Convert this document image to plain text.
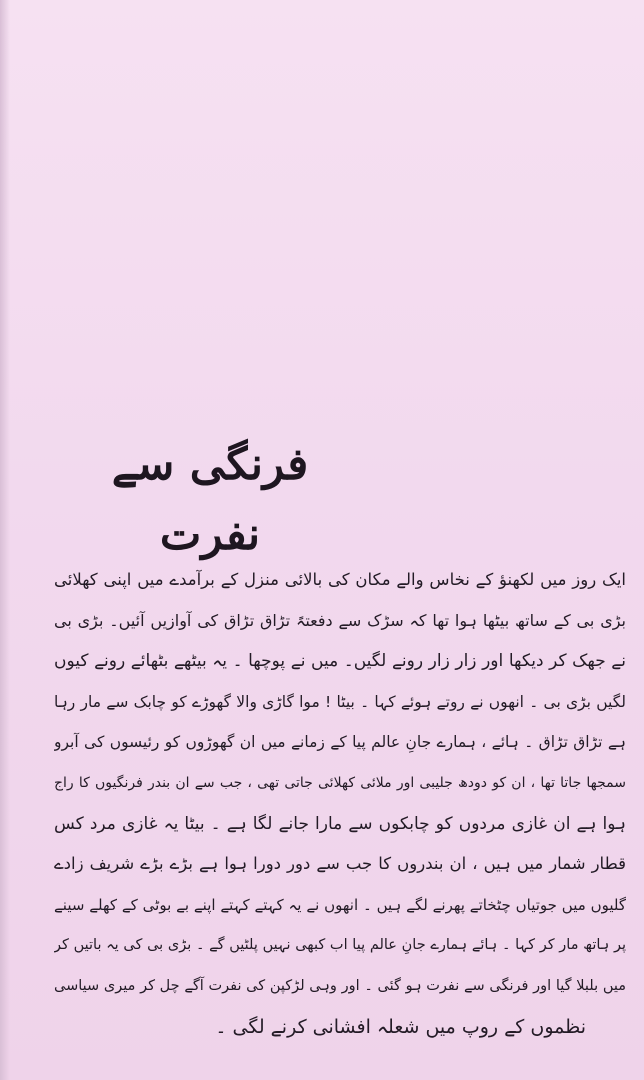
فرنگی سے نفرت
ایک روز میں لکھنؤ کے نخاس والے مکان کی بالائی منزل کے برآمدے میں اپنی کھلائی
بڑی بی کے ساتھ بیٹھا ہوا تھا کہ سڑک سے دفعتہً تڑاق تڑاق کی آوازیں آئیں۔ بڑی بی
نے جھک کر دیکھا اور زار زار رونے لگیں۔ میں نے پوچھا ۔ یہ بیٹھے بٹھائے رونے کیوں
لگیں بڑی بی ۔ انھوں نے روتے ہوئے کہا ۔ بیٹا ! موا گاڑی والا گھوڑے کو چابک سے مار رہا
ہے تڑاق تڑاق ۔ ہائے ، ہمارے جانِ عالم پیا کے زمانے میں ان گھوڑوں کو رئیسوں کی آبرو
سمجھا جاتا تھا ، ان کو دودھ جلیبی اور ملائی کھلائی جاتی تھی ، جب سے ان بندر فرنگیوں کا راج
ہوا ہے ان غازی مردوں کو چابکوں سے مارا جانے لگا ہے ۔ بیٹا یہ غازی مرد کس
قطار شمار میں ہیں ، ان بندروں کا جب سے دور دورا ہوا ہے بڑے بڑے شریف زادے
گلیوں میں جوتیاں چٹخاتے پھرنے لگے ہیں ۔ انھوں نے یہ کہتے کہتے اپنے بے بوٹی کے کھلے سینے
پر ہاتھ مار کر کہا ۔ ہائے ہمارے جانِ عالم پیا اب کبھی نہیں پلٹیں گے ۔ بڑی بی کی یہ باتیں کر
میں بلبلا گیا اور فرنگی سے نفرت ہو گئی ۔ اور وہی لڑکپن کی نفرت آگے چل کر میری سیاسی
نظموں کے روپ میں شعلہ افشانی کرنے لگی ۔
